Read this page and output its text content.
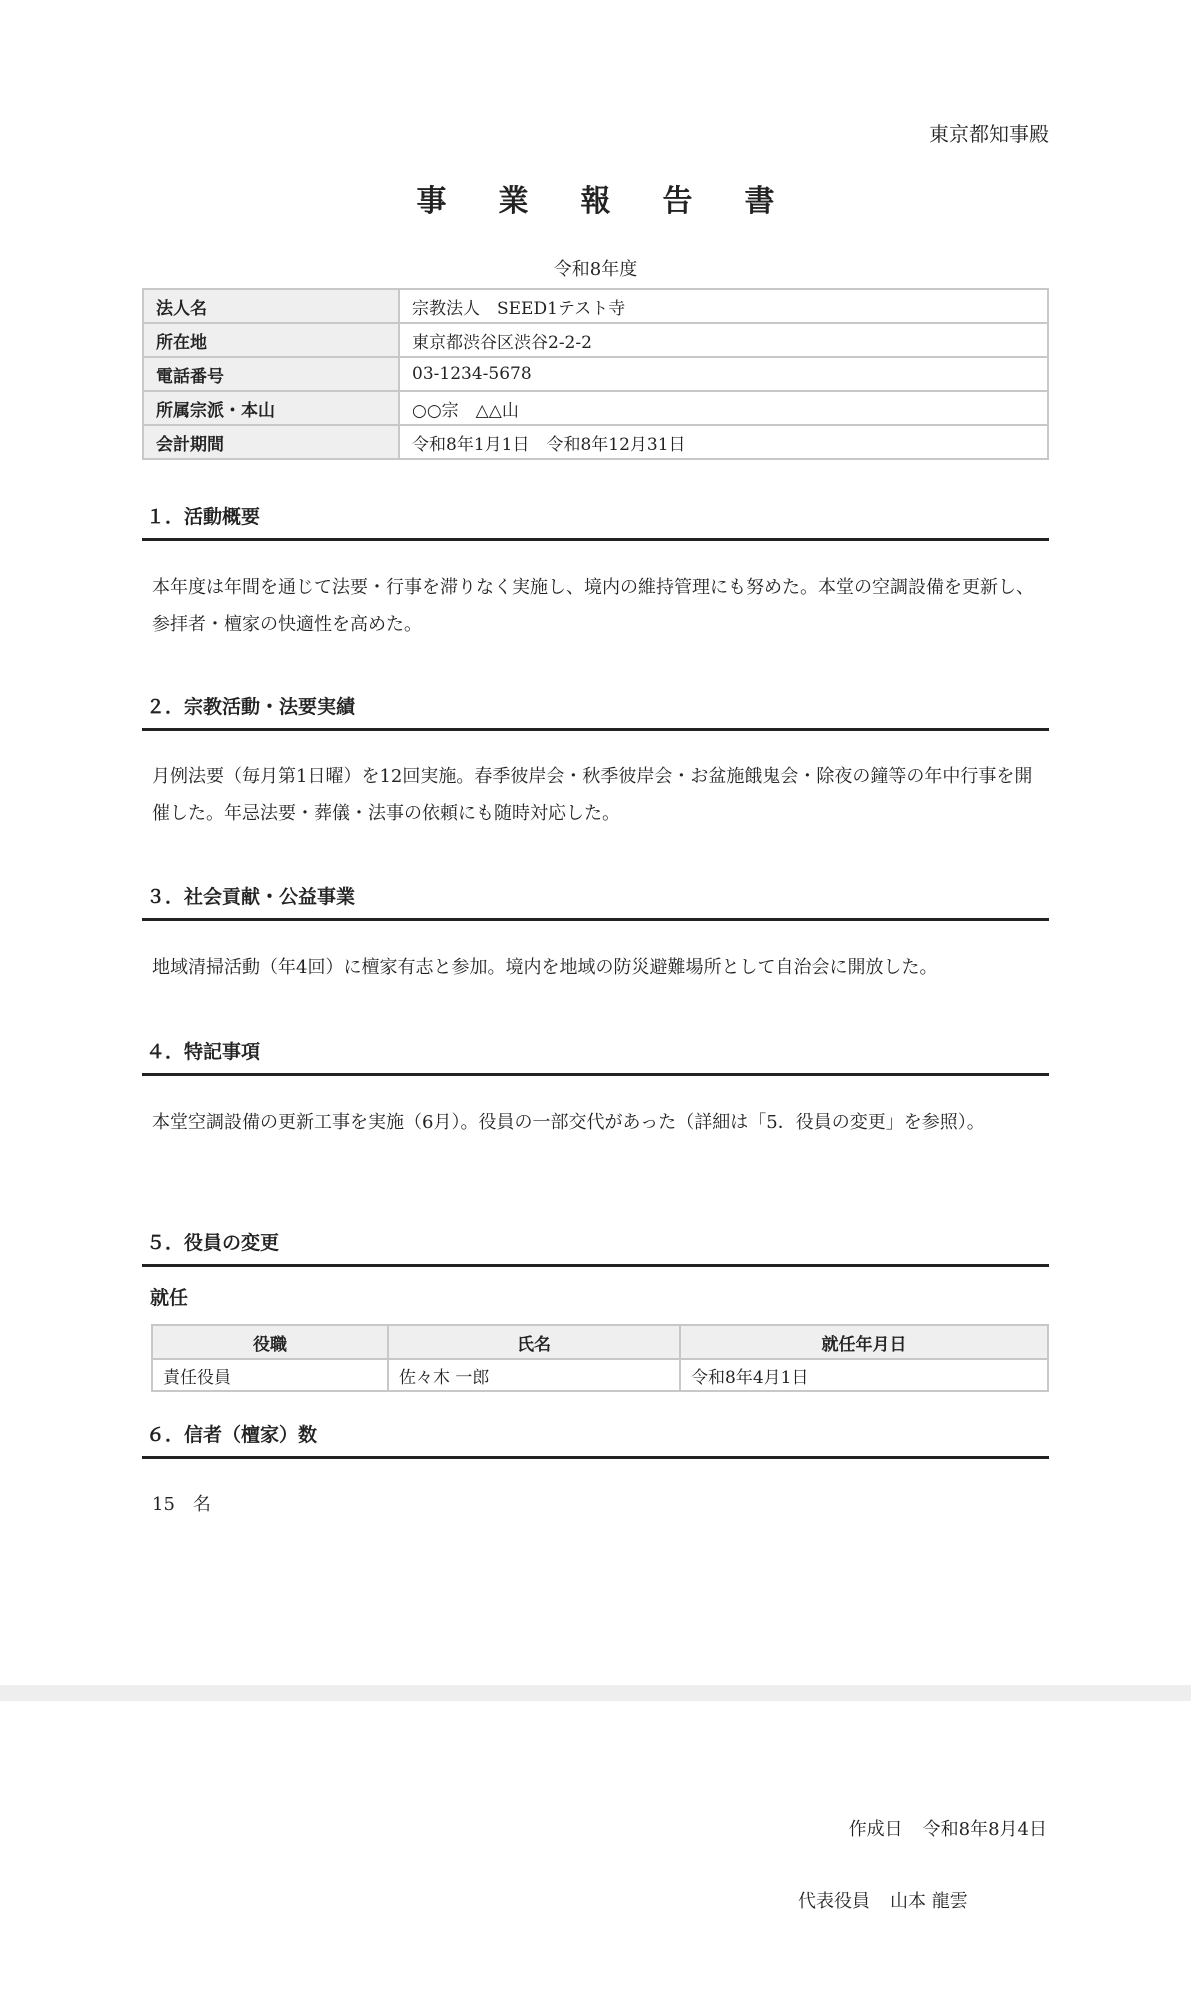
東京都知事殿
事業報告書
令和8年度
法人名	宗教法人　SEED1テスト寺
所在地	東京都渋谷区渋谷2-2-2
電話番号	03-1234-5678
所属宗派・本山	○○宗　△△山
会計期間	令和8年1月1日　令和8年12月31日
１．活動概要
本年度は年間を通じて法要・行事を滞りなく実施し、境内の維持管理にも努めた。本堂の空調設備を更新し、参拝者・檀家の快適性を高めた。
２．宗教活動・法要実績
月例法要（毎月第1日曜）を12回実施。春季彼岸会・秋季彼岸会・お盆施餓鬼会・除夜の鐘等の年中行事を開催した。年忌法要・葬儀・法事の依頼にも随時対応した。
３．社会貢献・公益事業
地域清掃活動（年4回）に檀家有志と参加。境内を地域の防災避難場所として自治会に開放した。
４．特記事項
本堂空調設備の更新工事を実施（6月）。役員の一部交代があった（詳細は「5．役員の変更」を参照）。
５．役員の変更
就任
役職	氏名	就任年月日
責任役員	佐々木 一郎	令和8年4月1日
６．信者（檀家）数
15　名
作成日 令和8年8月4日
代表役員 山本 龍雲
